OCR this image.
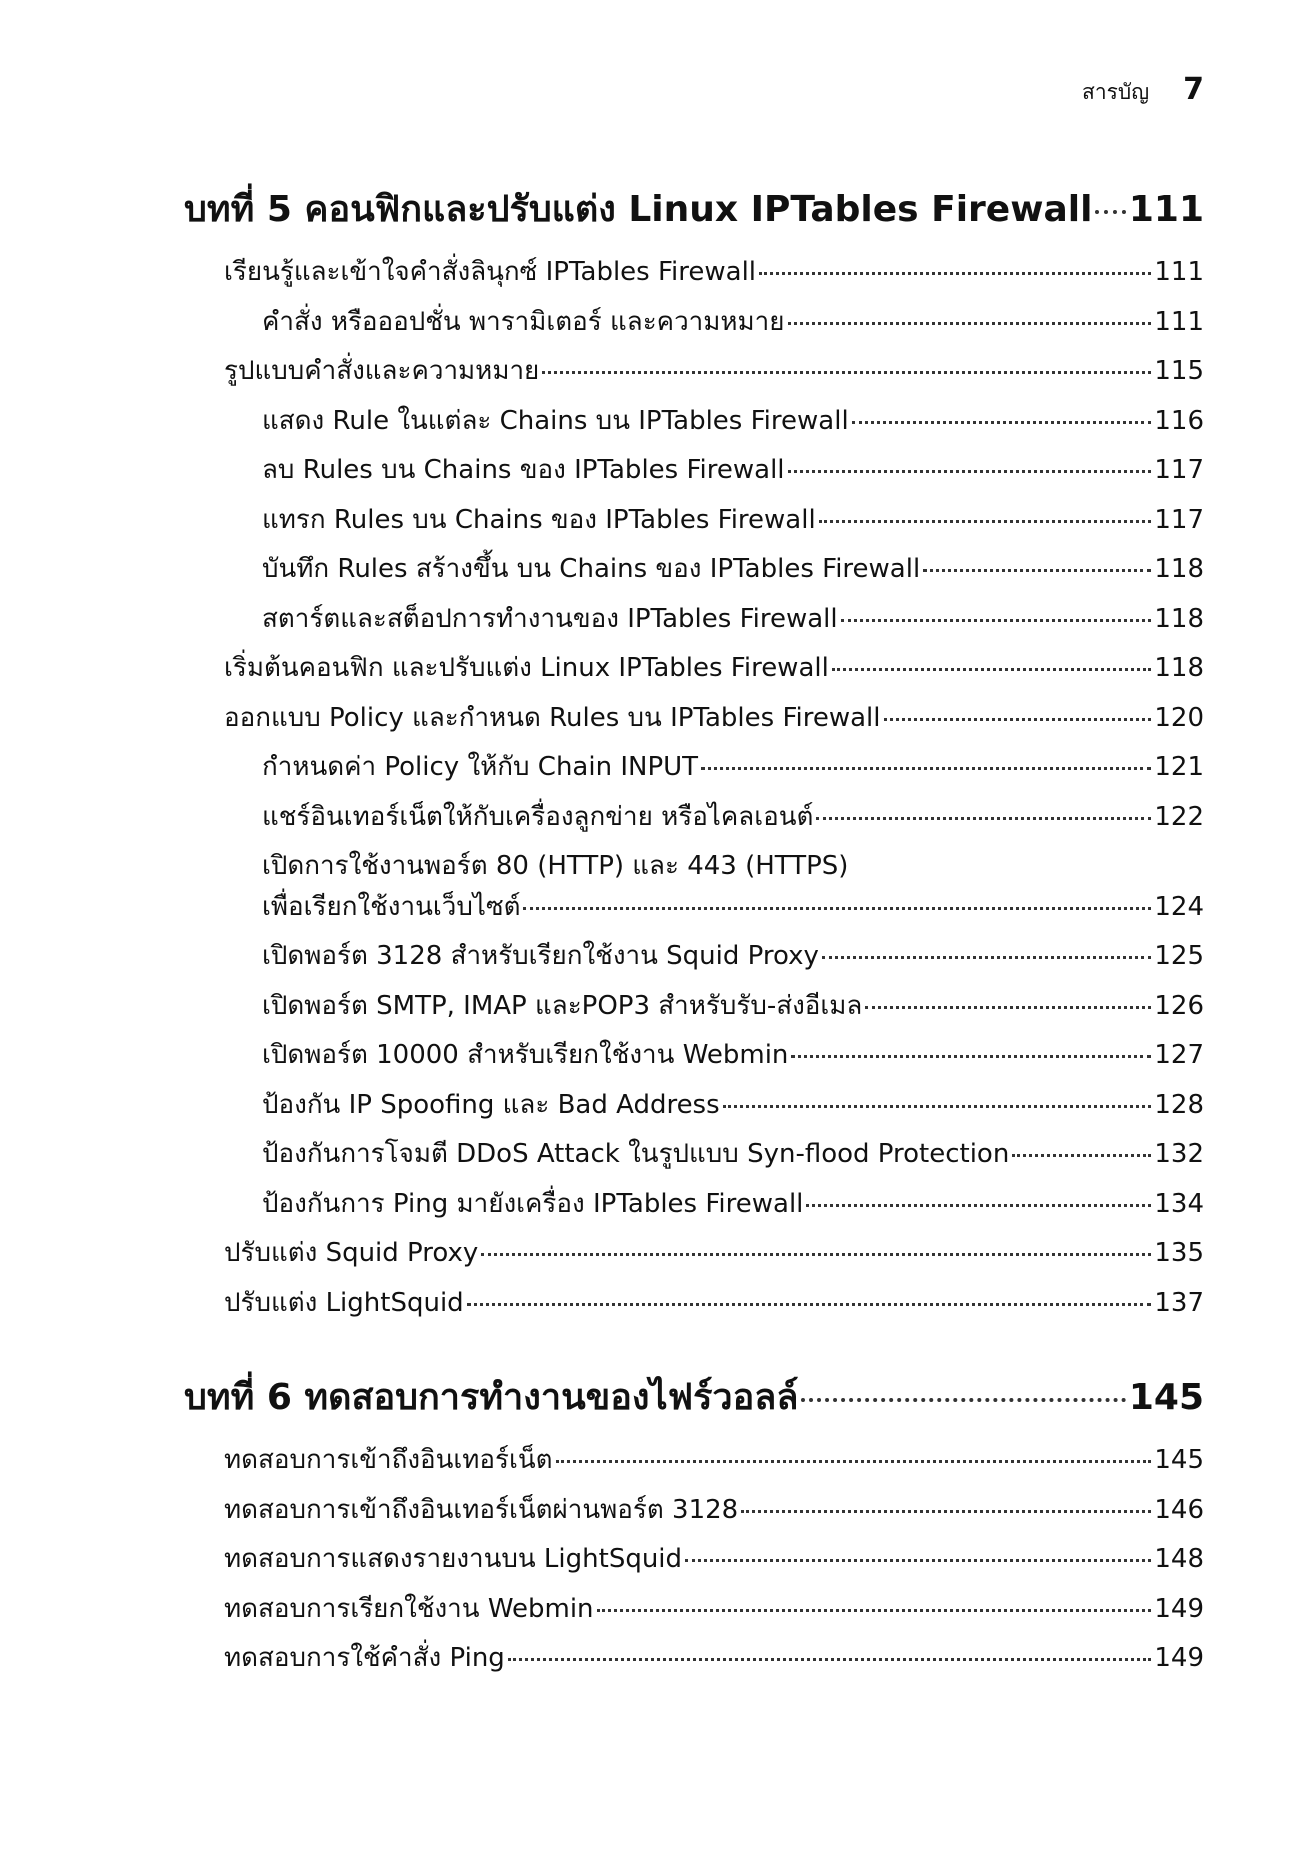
สารบัญ 7
บทที่ 5 คอนฟิกและปรับแต่ง Linux IPTables Firewall 111
เรียนรู้และเข้าใจคำสั่งลินุกซ์ IPTables Firewall	111
คำสั่ง หรือออปชั่น พารามิเตอร์ และความหมาย	111
รูปแบบคำสั่งและความหมาย	115
แสดง Rule ในแต่ละ Chains บน IPTables Firewall	116
ลบ Rules บน Chains ของ IPTables Firewall	117
แทรก Rules บน Chains ของ IPTables Firewall	117
บันทึก Rules สร้างขึ้น บน Chains ของ IPTables Firewall	118
สตาร์ตและสต็อปการทำงานของ IPTables Firewall	118
เริ่มต้นคอนฟิก และปรับแต่ง Linux IPTables Firewall	118
ออกแบบ Policy และกำหนด Rules บน IPTables Firewall	120
กำหนดค่า Policy ให้กับ Chain INPUT	121
แชร์อินเทอร์เน็ตให้กับเครื่องลูกข่าย หรือไคลเอนต์	122
เปิดการใช้งานพอร์ต 80 (HTTP) และ 443 (HTTPS)
เพื่อเรียกใช้งานเว็บไซต์	124
เปิดพอร์ต 3128 สำหรับเรียกใช้งาน Squid Proxy	125
เปิดพอร์ต SMTP, IMAP และPOP3 สำหรับรับ-ส่งอีเมล	126
เปิดพอร์ต 10000 สำหรับเรียกใช้งาน Webmin	127
ป้องกัน IP Spoofing และ Bad Address	128
ป้องกันการโจมตี DDoS Attack ในรูปแบบ Syn-flood Protection	132
ป้องกันการ Ping มายังเครื่อง IPTables Firewall	134
ปรับแต่ง Squid Proxy	135
ปรับแต่ง LightSquid	137
บทที่ 6 ทดสอบการทำงานของไฟร์วอลล์	145
ทดสอบการเข้าถึงอินเทอร์เน็ต	145
ทดสอบการเข้าถึงอินเทอร์เน็ตผ่านพอร์ต 3128	146
ทดสอบการแสดงรายงานบน LightSquid	148
ทดสอบการเรียกใช้งาน Webmin	149
ทดสอบการใช้คำสั่ง Ping	149
